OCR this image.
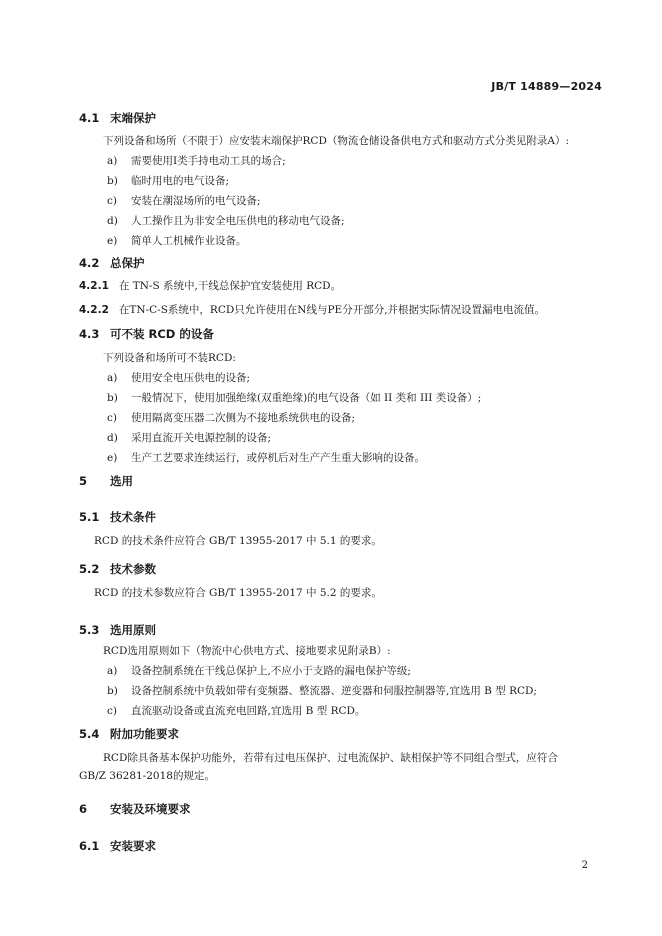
JB/T 14889—2024
4.1 末端保护
下列设备和场所（不限于）应安装末端保护RCD（物流仓储设备供电方式和驱动方式分类见附录A）:
a) 需要使用Ⅰ类手持电动工具的场合;
b) 临时用电的电气设备;
c) 安装在潮湿场所的电气设备;
d) 人工操作且为非安全电压供电的移动电气设备;
e) 简单人工机械作业设备。
4.2 总保护
4.2.1 在 TN-S 系统中,干线总保护宜安装使用 RCD。
4.2.2 在TN-C-S系统中，RCD只允许使用在N线与PE分开部分,并根据实际情况设置漏电电流值。
4.3 可不装 RCD 的设备
下列设备和场所可不装RCD:
a) 使用安全电压供电的设备;
b) 一般情况下，使用加强绝缘(双重绝缘)的电气设备（如 II 类和 III 类设备）;
c) 使用隔离变压器二次侧为不接地系统供电的设备;
d) 采用直流开关电源控制的设备;
e) 生产工艺要求连续运行，或停机后对生产产生重大影响的设备。
5 选用
5.1 技术条件
RCD 的技术条件应符合 GB/T 13955-2017 中 5.1 的要求。
5.2 技术参数
RCD 的技术参数应符合 GB/T 13955-2017 中 5.2 的要求。
5.3 选用原则
RCD选用原则如下（物流中心供电方式、接地要求见附录B）:
a) 设备控制系统在干线总保护上,不应小于支路的漏电保护等级;
b) 设备控制系统中负载如带有变频器、整流器、逆变器和伺服控制器等,宜选用 B 型 RCD;
c) 直流驱动设备或直流充电回路,宜选用 B 型 RCD。
5.4 附加功能要求
RCD除具备基本保护功能外，若带有过电压保护、过电流保护、缺相保护等不同组合型式，应符合
GB/Z 36281-2018的规定。
6 安装及环境要求
6.1 安装要求
2
